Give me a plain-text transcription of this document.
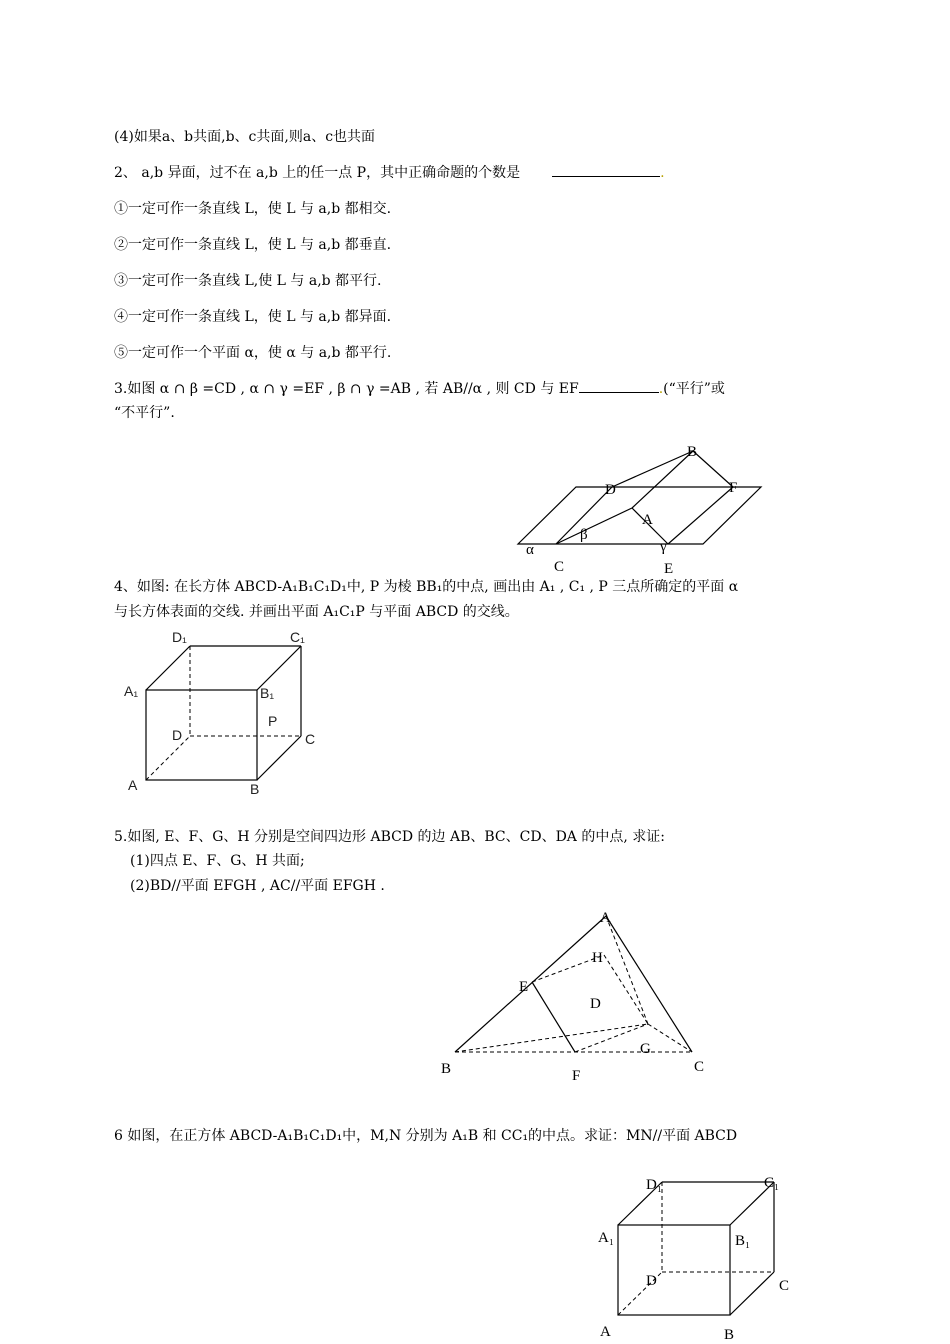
(4)如果a、b共面,b、c共面,则a、c也共面
2、 a,b 异面，过不在 a,b 上的任一点 P，其中正确命题的个数是	.
①一定可作一条直线 L，使 L 与 a,b 都相交.
②一定可作一条直线 L，使 L 与 a,b 都垂直.
③一定可作一条直线 L,使 L 与 a,b 都平行.
④一定可作一条直线 L，使 L 与 a,b 都异面.
⑤一定可作一个平面 α，使 α 与 a,b 都平行.
3.如图 α ∩ β =CD , α ∩ γ =EF , β ∩ γ =AB , 若 AB//α , 则 CD 与 EF	.(“平行”或
“不平行”.
B
D	F
A
β
α	γ
C	E
4、如图: 在长方体 ABCD-A₁B₁C₁D₁中, P 为棱 BB₁的中点, 画出由 A₁ , C₁ , P 三点所确定的平面 α
与长方体表面的交线. 并画出平面 A₁C₁P 与平面 ABCD 的交线。
D₁	C₁
A₁	B₁
P
D	C
A	B
5.如图, E、F、G、H 分别是空间四边形 ABCD 的边 AB、BC、CD、DA 的中点, 求证:
(1)四点 E、F、G、H 共面;
(2)BD//平面 EFGH , AC//平面 EFGH .
A
H
E
D
G
B	F
C
6 如图，在正方体 ABCD-A₁B₁C₁D₁中，M,N 分别为 A₁B 和 CC₁的中点。求证：MN//平面 ABCD
D₁	C₁
A₁	B₁
D	C
A	B
